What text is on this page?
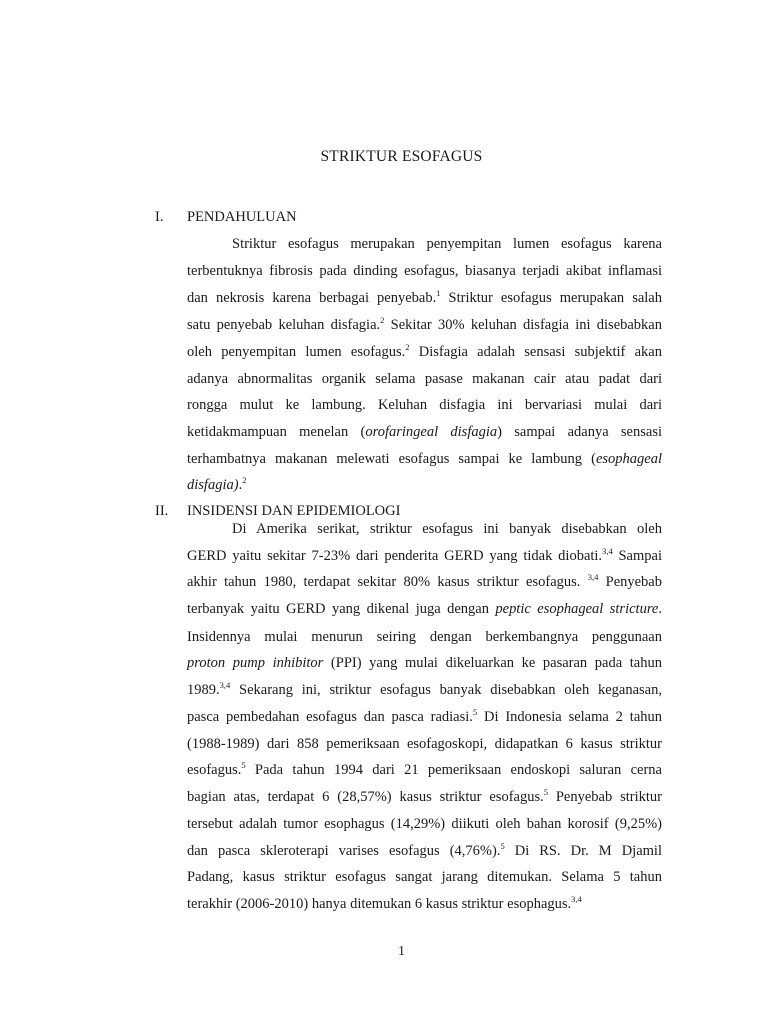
STRIKTUR ESOFAGUS
I. PENDAHULUAN
Striktur esofagus merupakan penyempitan lumen esofagus karena
terbentuknya fibrosis pada dinding esofagus, biasanya terjadi akibat inflamasi
dan nekrosis karena berbagai penyebab.$^1$ Striktur esofagus merupakan salah
satu penyebab keluhan disfagia.$^2$ Sekitar 30% keluhan disfagia ini disebabkan
oleh penyempitan lumen esofagus.$^2$ Disfagia adalah sensasi subjektif akan
adanya abnormalitas organik selama pasase makanan cair atau padat dari
rongga mulut ke lambung. Keluhan disfagia ini bervariasi mulai dari
ketidakmampuan menelan (orofaringeal disfagia) sampai adanya sensasi
terhambatnya makanan melewati esofagus sampai ke lambung (esophageal
disfagia).$^2$
II. INSIDENSI DAN EPIDEMIOLOGI
Di Amerika serikat, striktur esofagus ini banyak disebabkan oleh
GERD yaitu sekitar 7-23% dari penderita GERD yang tidak diobati.$^{3,4}$ Sampai
akhir tahun 1980, terdapat sekitar 80% kasus striktur esofagus. $^{3,4}$ Penyebab
terbanyak yaitu GERD yang dikenal juga dengan peptic esophageal stricture.
Insidennya mulai menurun seiring dengan berkembangnya penggunaan
proton pump inhibitor (PPI) yang mulai dikeluarkan ke pasaran pada tahun
1989.$^{3,4}$ Sekarang ini, striktur esofagus banyak disebabkan oleh keganasan,
pasca pembedahan esofagus dan pasca radiasi.$^5$ Di Indonesia selama 2 tahun
(1988-1989) dari 858 pemeriksaan esofagoskopi, didapatkan 6 kasus striktur
esofagus.$^5$ Pada tahun 1994 dari 21 pemeriksaan endoskopi saluran cerna
bagian atas, terdapat 6 (28,57%) kasus striktur esofagus.$^5$ Penyebab striktur
tersebut adalah tumor esophagus (14,29%) diikuti oleh bahan korosif (9,25%)
dan pasca skleroterapi varises esofagus (4,76%).$^5$ Di RS. Dr. M Djamil
Padang, kasus striktur esofagus sangat jarang ditemukan. Selama 5 tahun
terakhir (2006-2010) hanya ditemukan 6 kasus striktur esophagus.$^{3,4}$
1
